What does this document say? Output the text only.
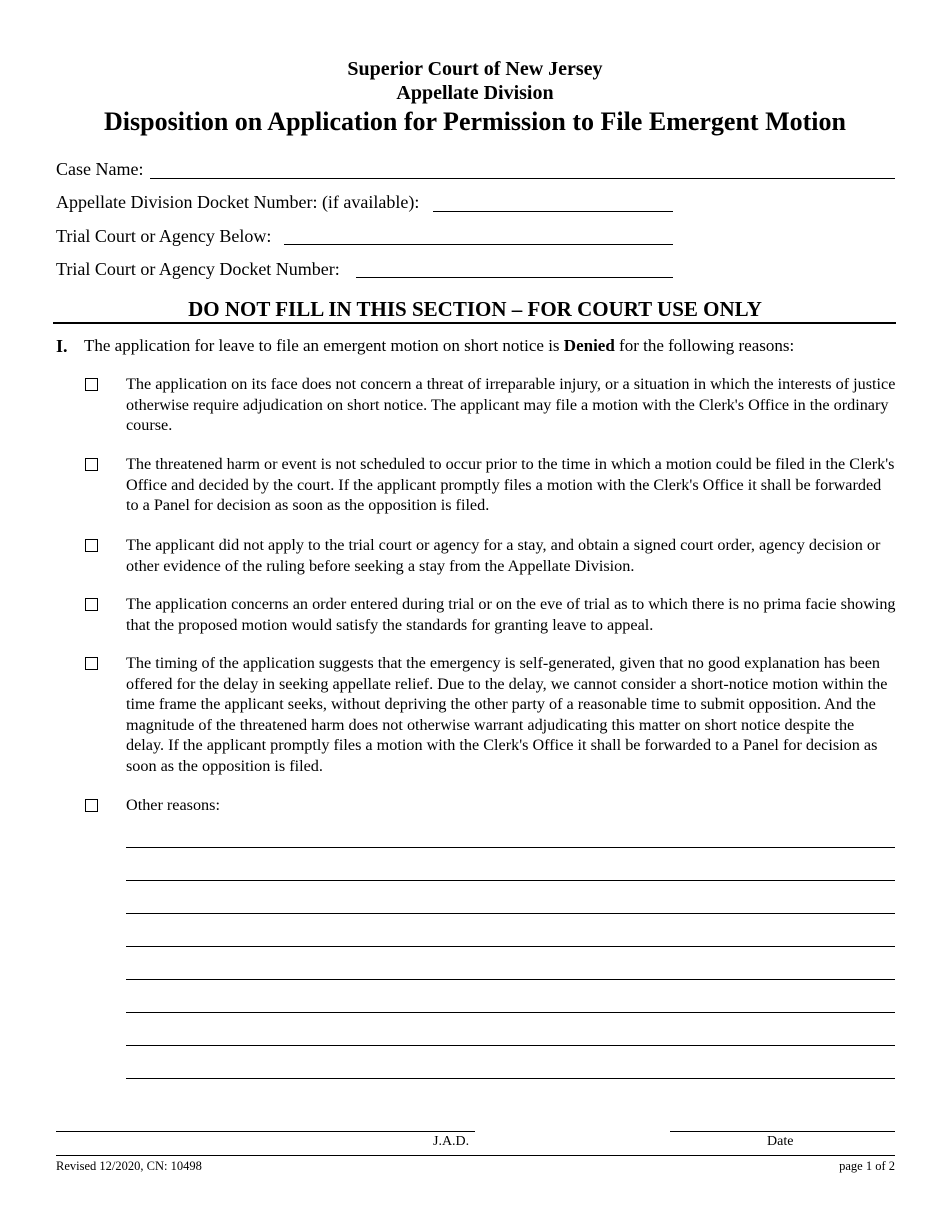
Superior Court of New Jersey
Appellate Division
Disposition on Application for Permission to File Emergent Motion
Case Name:
Appellate Division Docket Number: (if available):
Trial Court or Agency Below:
Trial Court or Agency Docket Number:
DO NOT FILL IN THIS SECTION – FOR COURT USE ONLY
I. The application for leave to file an emergent motion on short notice is Denied for the following reasons:
The application on its face does not concern a threat of irreparable injury, or a situation in which the interests of justice otherwise require adjudication on short notice. The applicant may file a motion with the Clerk's Office in the ordinary course.
The threatened harm or event is not scheduled to occur prior to the time in which a motion could be filed in the Clerk's Office and decided by the court. If the applicant promptly files a motion with the Clerk's Office it shall be forwarded to a Panel for decision as soon as the opposition is filed.
The applicant did not apply to the trial court or agency for a stay, and obtain a signed court order, agency decision or other evidence of the ruling before seeking a stay from the Appellate Division.
The application concerns an order entered during trial or on the eve of trial as to which there is no prima facie showing that the proposed motion would satisfy the standards for granting leave to appeal.
The timing of the application suggests that the emergency is self-generated, given that no good explanation has been offered for the delay in seeking appellate relief. Due to the delay, we cannot consider a short-notice motion within the time frame the applicant seeks, without depriving the other party of a reasonable time to submit opposition. And the magnitude of the threatened harm does not otherwise warrant adjudicating this matter on short notice despite the delay. If the applicant promptly files a motion with the Clerk's Office it shall be forwarded to a Panel for decision as soon as the opposition is filed.
Other reasons:
J.A.D.	Date
Revised 12/2020, CN: 10498	page 1 of 2
